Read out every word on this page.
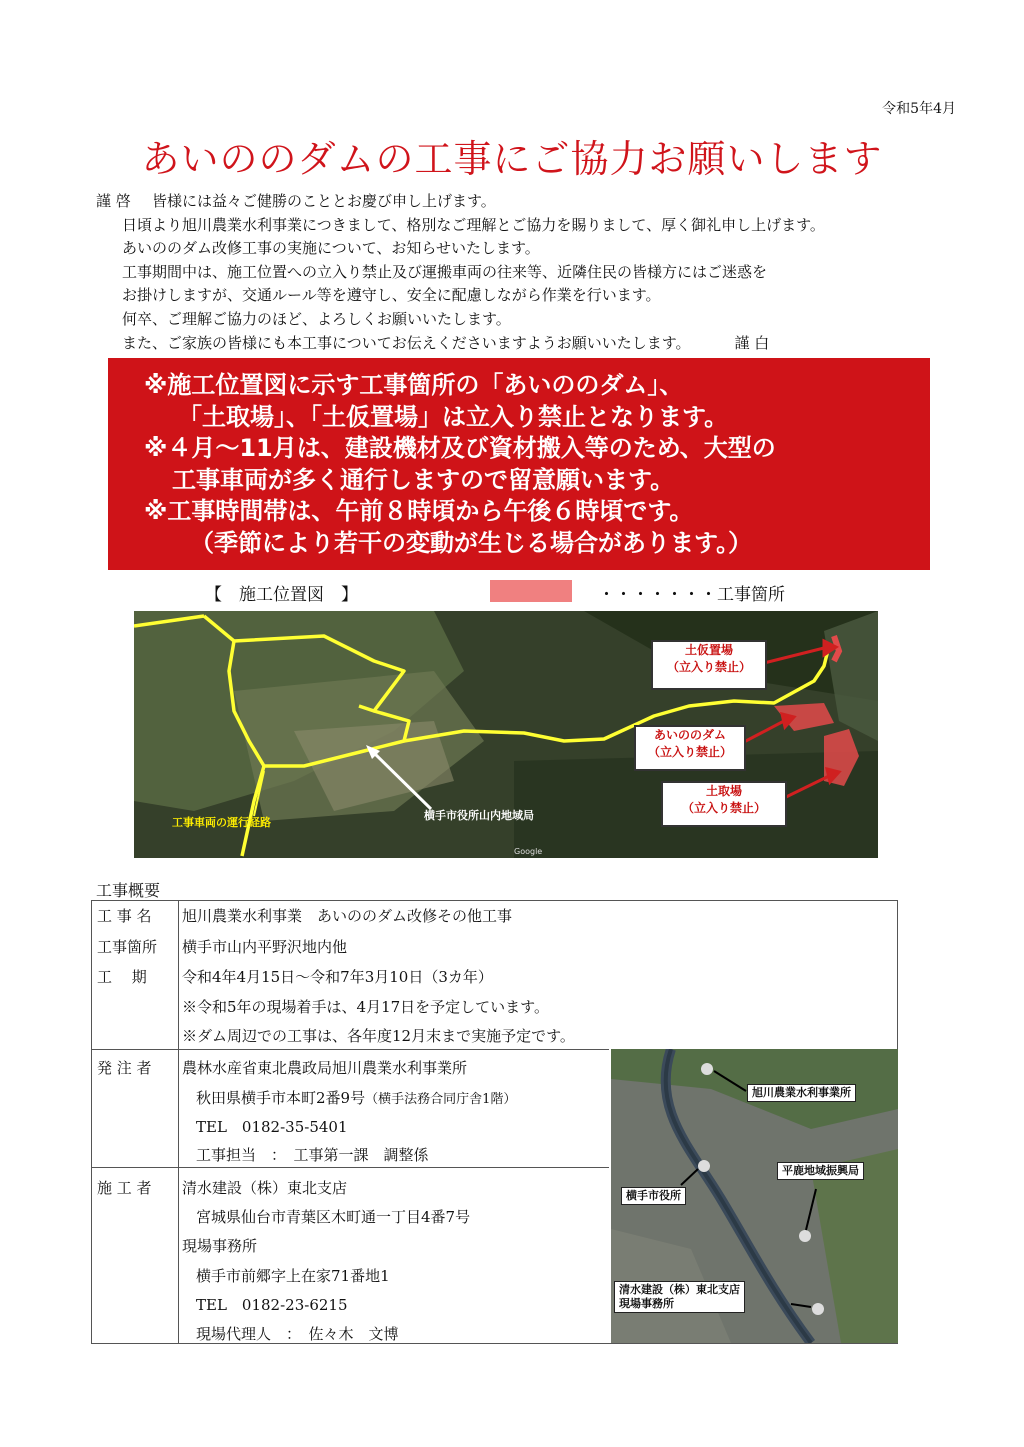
令和5年4月
あいののダムの工事にご協力お願いします
謹 啓 皆様には益々ご健勝のこととお慶び申し上げます。
日頃より旭川農業水利事業につきまして、格別なご理解とご協力を賜りまして、厚く御礼申し上げます。
あいののダム改修工事の実施について、お知らせいたします。
工事期間中は、施工位置への立入り禁止及び運搬車両の往来等、近隣住民の皆様方にはご迷惑を
お掛けしますが、交通ルール等を遵守し、安全に配慮しながら作業を行います。
何卒、ご理解ご協力のほど、よろしくお願いいたします。
また、ご家族の皆様にも本工事についてお伝えくださいますようお願いいたします。	謹 白
※施工位置図に示す工事箇所の「あいののダム」、
「土取場」、「土仮置場」は立入り禁止となります。
※４月～11月は、建設機材及び資材搬入等のため、大型の
工事車両が多く通行しますので留意願います。
※工事時間帯は、午前８時頃から午後６時頃です。
（季節により若干の変動が生じる場合があります。）
【　施工位置図　】	・・・・・・・工事箇所
土仮置場
（立入り禁止）
あいののダム
（立入り禁止）
土取場
（立入り禁止）
横手市役所山内地域局
工事車両の運行経路
Google
工事概要
工 事 名 旭川農業水利事業　あいののダム改修その他工事
工事箇所 横手市山内平野沢地内他
工　 期 令和4年4月15日～令和7年3月10日（3カ年）
※令和5年の現場着手は、4月17日を予定しています。
※ダム周辺での工事は、各年度12月末まで実施予定です。
発 注 者 農林水産省東北農政局旭川農業水利事業所
秋田県横手市本町2番9号（横手法務合同庁舎1階）
TEL　0182-35-5401
工事担当　：　工事第一課　調整係
施 工 者 清水建設（株）東北支店
宮城県仙台市青葉区木町通一丁目4番7号
現場事務所
横手市前郷字上在家71番地1
TEL　0182-23-6215
現場代理人　：　佐々木　文博
旭川農業水利事業所
平鹿地域振興局
横手市役所
清水建設（株）東北支店
現場事務所
